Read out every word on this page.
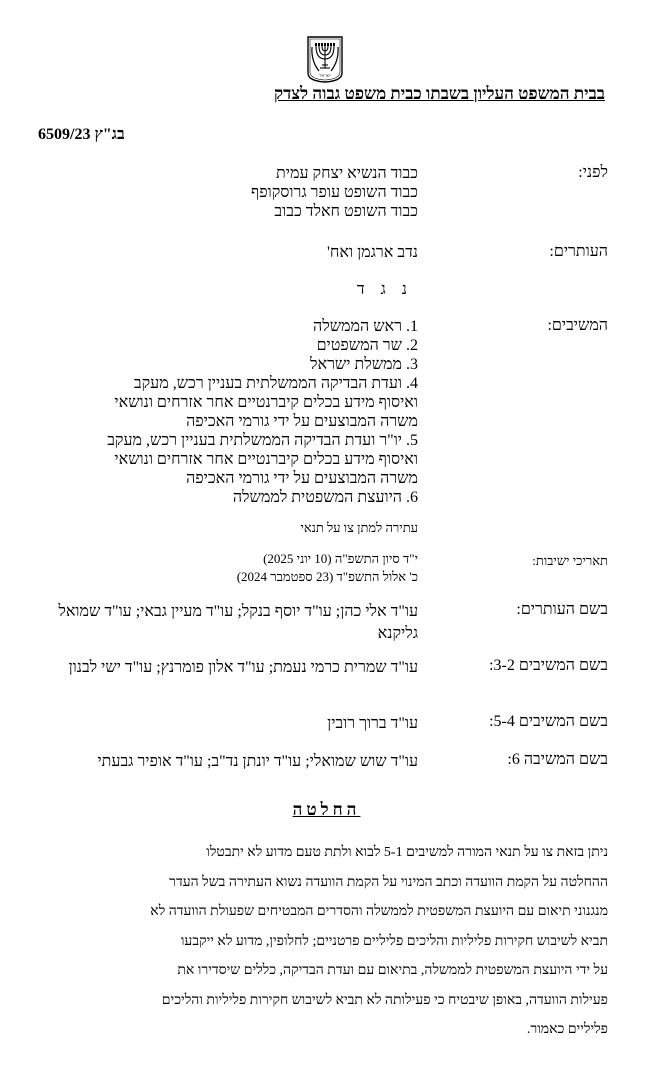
ישראל
בבית המשפט העליון בשבתו כבית משפט גבוה לצדק
בג"ץ 6509/23
לפני:
כבוד הנשיא יצחק עמית
כבוד השופט עופר גרוסקופף
כבוד השופט חאלד כבוב
העותרים:
נדב ארגמן ואח'
נ ג ד
המשיבים:
1. ראש הממשלה
2. שר המשפטים
3. ממשלת ישראל
4. ועדת הבדיקה הממשלתית בעניין רכש, מעקב
ואיסוף מידע בכלים קיברנטיים אחר אזרחים ונושאי
משרה המבוצעים על ידי גורמי האכיפה
5. יו"ר ועדת הבדיקה הממשלתית בעניין רכש, מעקב
ואיסוף מידע בכלים קיברנטיים אחר אזרחים ונושאי
משרה המבוצעים על ידי גורמי האכיפה
6. היועצת המשפטית לממשלה
עתירה למתן צו על תנאי
תאריכי ישיבות:
י"ד סיון התשפ"ה (10 יוני 2025)
כ' אלול התשפ"ד (23 ספטמבר 2024)
בשם העותרים:
עו"ד אלי כהן; עו"ד יוסף בנקל; עו"ד מעיין גבאי; עו"ד שמואל גליקנא
בשם המשיבים 3-2:
עו"ד שמרית כרמי נעמת; עו"ד אלון פומרנץ; עו"ד ישי לבנון
בשם המשיבים 5-4:
עו"ד ברוך רובין
בשם המשיבה 6:
עו"ד שוש שמואלי; עו"ד יונתן נד"ב; עו"ד אופיר גבעתי
החלטה
ניתן בזאת צו על תנאי המורה למשיבים 5-1 לבוא ולתת טעם מדוע לא יתבטלו
ההחלטה על הקמת הוועדה וכתב המינוי על הקמת הוועדה נשוא העתירה בשל העדר
מנגנוני תיאום עם היועצת המשפטית לממשלה והסדרים המבטיחים שפעולת הוועדה לא
תביא לשיבוש חקירות פליליות והליכים פליליים פרטניים; לחלופין, מדוע לא ייקבעו
על ידי היועצת המשפטית לממשלה, בתיאום עם ועדת הבדיקה, כללים שיסדירו את
פעילות הוועדה, באופן שיבטיח כי פעילותה לא תביא לשיבוש חקירות פליליות והליכים
פליליים כאמור.
